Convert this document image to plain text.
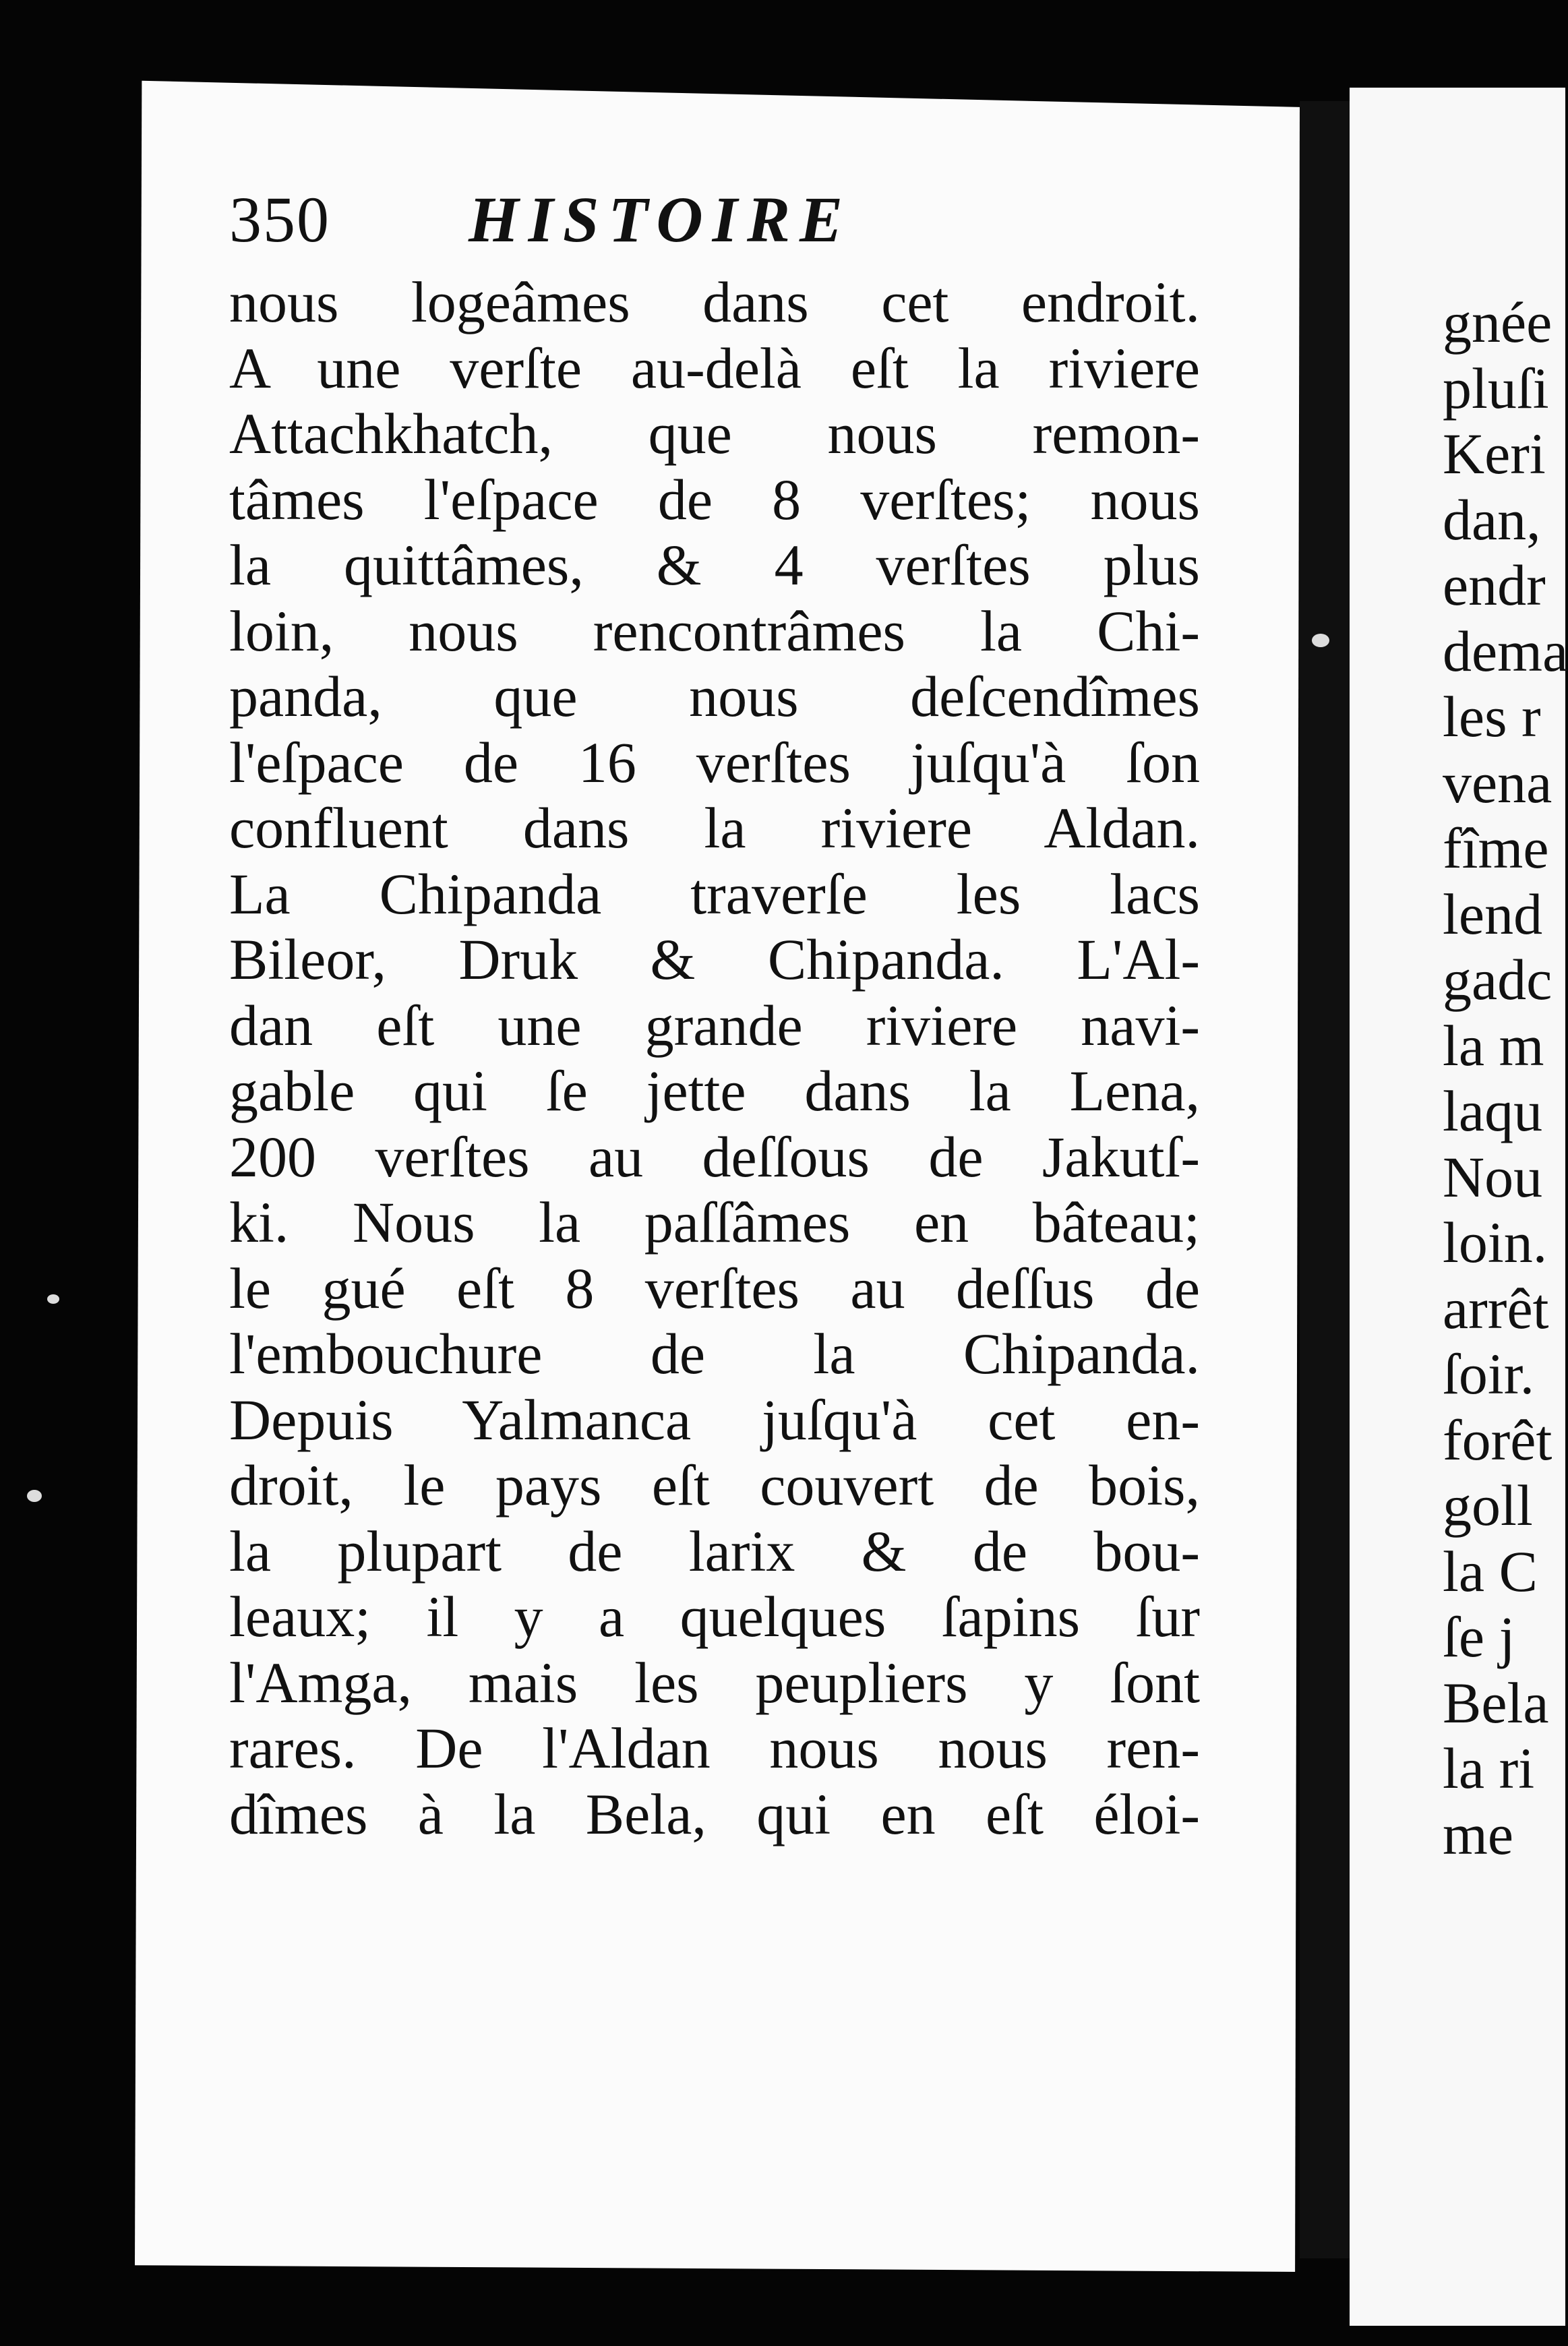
350 HISTOIRE
nous logeâmes dans cet endroit.
A une verſte au-delà eſt la riviere
Attachkhatch, que nous remon-
tâmes l'eſpace de 8 verſtes; nous
la quittâmes, & 4 verſtes plus
loin, nous rencontrâmes la Chi-
panda, que nous deſcendîmes
l'eſpace de 16 verſtes juſqu'à ſon
confluent dans la riviere Aldan.
La Chipanda traverſe les lacs
Bileor, Druk & Chipanda. L'Al-
dan eſt une grande riviere navi-
gable qui ſe jette dans la Lena,
200 verſtes au deſſous de Jakutſ-
ki. Nous la paſſâmes en bâteau;
le gué eſt 8 verſtes au deſſus de
l'embouchure de la Chipanda.
Depuis Yalmanca juſqu'à cet en-
droit, le pays eſt couvert de bois,
la plupart de larix & de bou-
leaux; il y a quelques ſapins ſur
l'Amga, mais les peupliers y ſont
rares. De l'Aldan nous nous ren-
dîmes à la Bela, qui en eſt éloi-
gnée
pluſi
Keri
dan,
endr
dema
les r
vena
fîme
lend
gadc
la m
laqu
Nou
loin.
arrêt
ſoir.
forêt
goll
la C
ſe j
Bela
la ri
me
